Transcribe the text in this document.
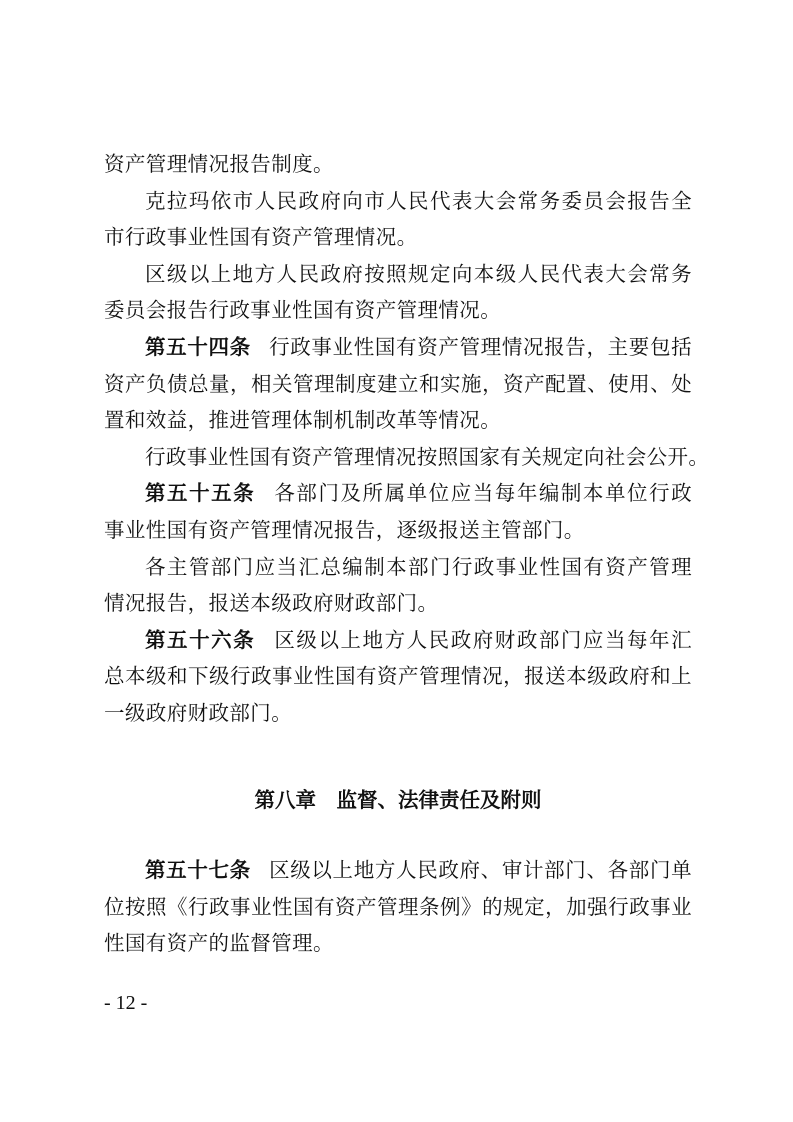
资产管理情况报告制度。
克拉玛依市人民政府向市人民代表大会常务委员会报告全
市行政事业性国有资产管理情况。
区级以上地方人民政府按照规定向本级人民代表大会常务
委员会报告行政事业性国有资产管理情况。
第五十四条 行政事业性国有资产管理情况报告，主要包括
资产负债总量，相关管理制度建立和实施，资产配置、使用、处
置和效益，推进管理体制机制改革等情况。
行政事业性国有资产管理情况按照国家有关规定向社会公开。
第五十五条 各部门及所属单位应当每年编制本单位行政
事业性国有资产管理情况报告，逐级报送主管部门。
各主管部门应当汇总编制本部门行政事业性国有资产管理
情况报告，报送本级政府财政部门。
第五十六条 区级以上地方人民政府财政部门应当每年汇
总本级和下级行政事业性国有资产管理情况，报送本级政府和上
一级政府财政部门。
第八章　监督、法律责任及附则
第五十七条 区级以上地方人民政府、审计部门、各部门单
位按照《行政事业性国有资产管理条例》的规定，加强行政事业
性国有资产的监督管理。
- 12 -
